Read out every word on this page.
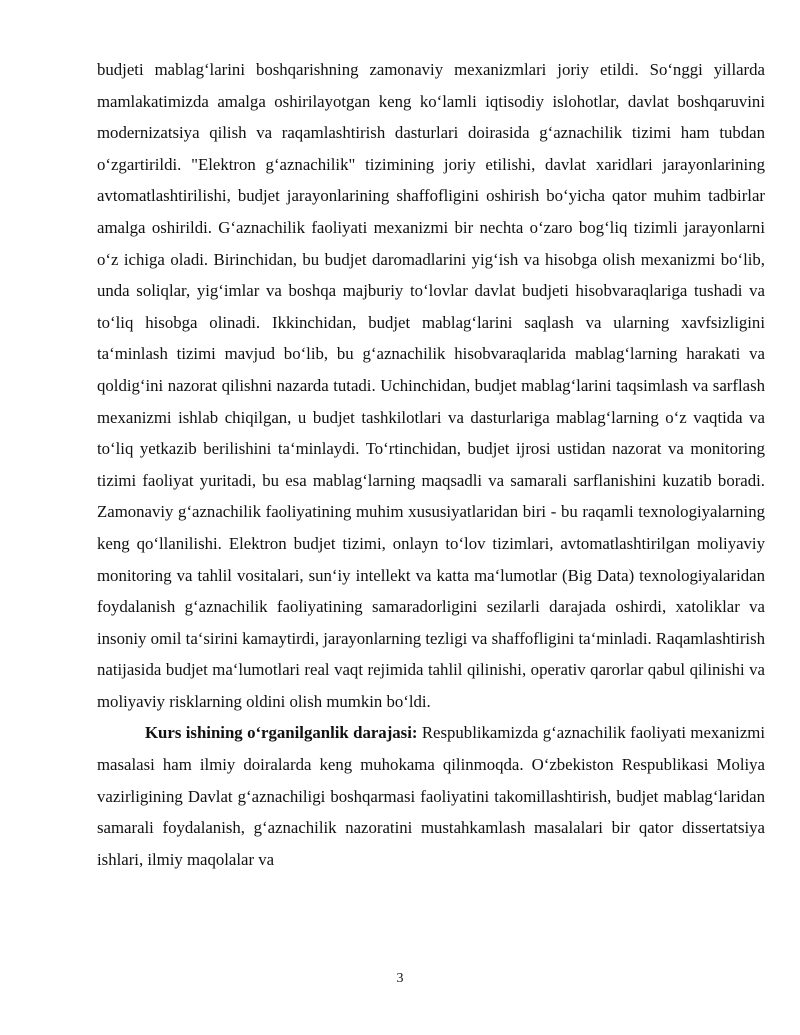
budjeti mablag‘larini boshqarishning zamonaviy mexanizmlari joriy etildi. So‘nggi yillarda mamlakatimizda amalga oshirilayotgan keng ko‘lamli iqtisodiy islohotlar, davlat boshqaruvini modernizatsiya qilish va raqamlashtirish dasturlari doirasida g‘aznachilik tizimi ham tubdan o‘zgartirildi. "Elektron g‘aznachilik" tizimining joriy etilishi, davlat xaridlari jarayonlarining avtomatlashtirilishi, budjet jarayonlarining shaffofligini oshirish bo‘yicha qator muhim tadbirlar amalga oshirildi. G‘aznachilik faoliyati mexanizmi bir nechta o‘zaro bog‘liq tizimli jarayonlarni o‘z ichiga oladi. Birinchidan, bu budjet daromadlarini yig‘ish va hisobga olish mexanizmi bo‘lib, unda soliqlar, yig‘imlar va boshqa majburiy to‘lovlar davlat budjeti hisobvaraqlariga tushadi va to‘liq hisobga olinadi. Ikkinchidan, budjet mablag‘larini saqlash va ularning xavfsizligini ta‘minlash tizimi mavjud bo‘lib, bu g‘aznachilik hisobvaraqlarida mablag‘larning harakati va qoldig‘ini nazorat qilishni nazarda tutadi. Uchinchidan, budjet mablag‘larini taqsimlash va sarflash mexanizmi ishlab chiqilgan, u budjet tashkilotlari va dasturlariga mablag‘larning o‘z vaqtida va to‘liq yetkazib berilishini ta‘minlaydi. To‘rtinchidan, budjet ijrosi ustidan nazorat va monitoring tizimi faoliyat yuritadi, bu esa mablag‘larning maqsadli va samarali sarflanishini kuzatib boradi. Zamonaviy g‘aznachilik faoliyatining muhim xususiyatlaridan biri - bu raqamli texnologiyalarning keng qo‘llanilishi. Elektron budjet tizimi, onlayn to‘lov tizimlari, avtomatlashtirilgan moliyaviy monitoring va tahlil vositalari, sun‘iy intellekt va katta ma‘lumotlar (Big Data) texnologiyalaridan foydalanish g‘aznachilik faoliyatining samaradorligini sezilarli darajada oshirdi, xatoliklar va insoniy omil ta‘sirini kamaytirdi, jarayonlarning tezligi va shaffofligini ta‘minladi. Raqamlashtirish natijasida budjet ma‘lumotlari real vaqt rejimida tahlil qilinishi, operativ qarorlar qabul qilinishi va moliyaviy risklarning oldini olish mumkin bo‘ldi.

Kurs ishining o‘rganilganlik darajasi: Respublikamizda g‘aznachilik faoliyati mexanizmi masalasi ham ilmiy doiralarda keng muhokama qilinmoqda. O‘zbekiston Respublikasi Moliya vazirligining Davlat g‘aznachiligi boshqarmasi faoliyatini takomillashtirish, budjet mablag‘laridan samarali foydalanish, g‘aznachilik nazoratini mustahkamlash masalalari bir qator dissertatsiya ishlari, ilmiy maqolalar va

3
